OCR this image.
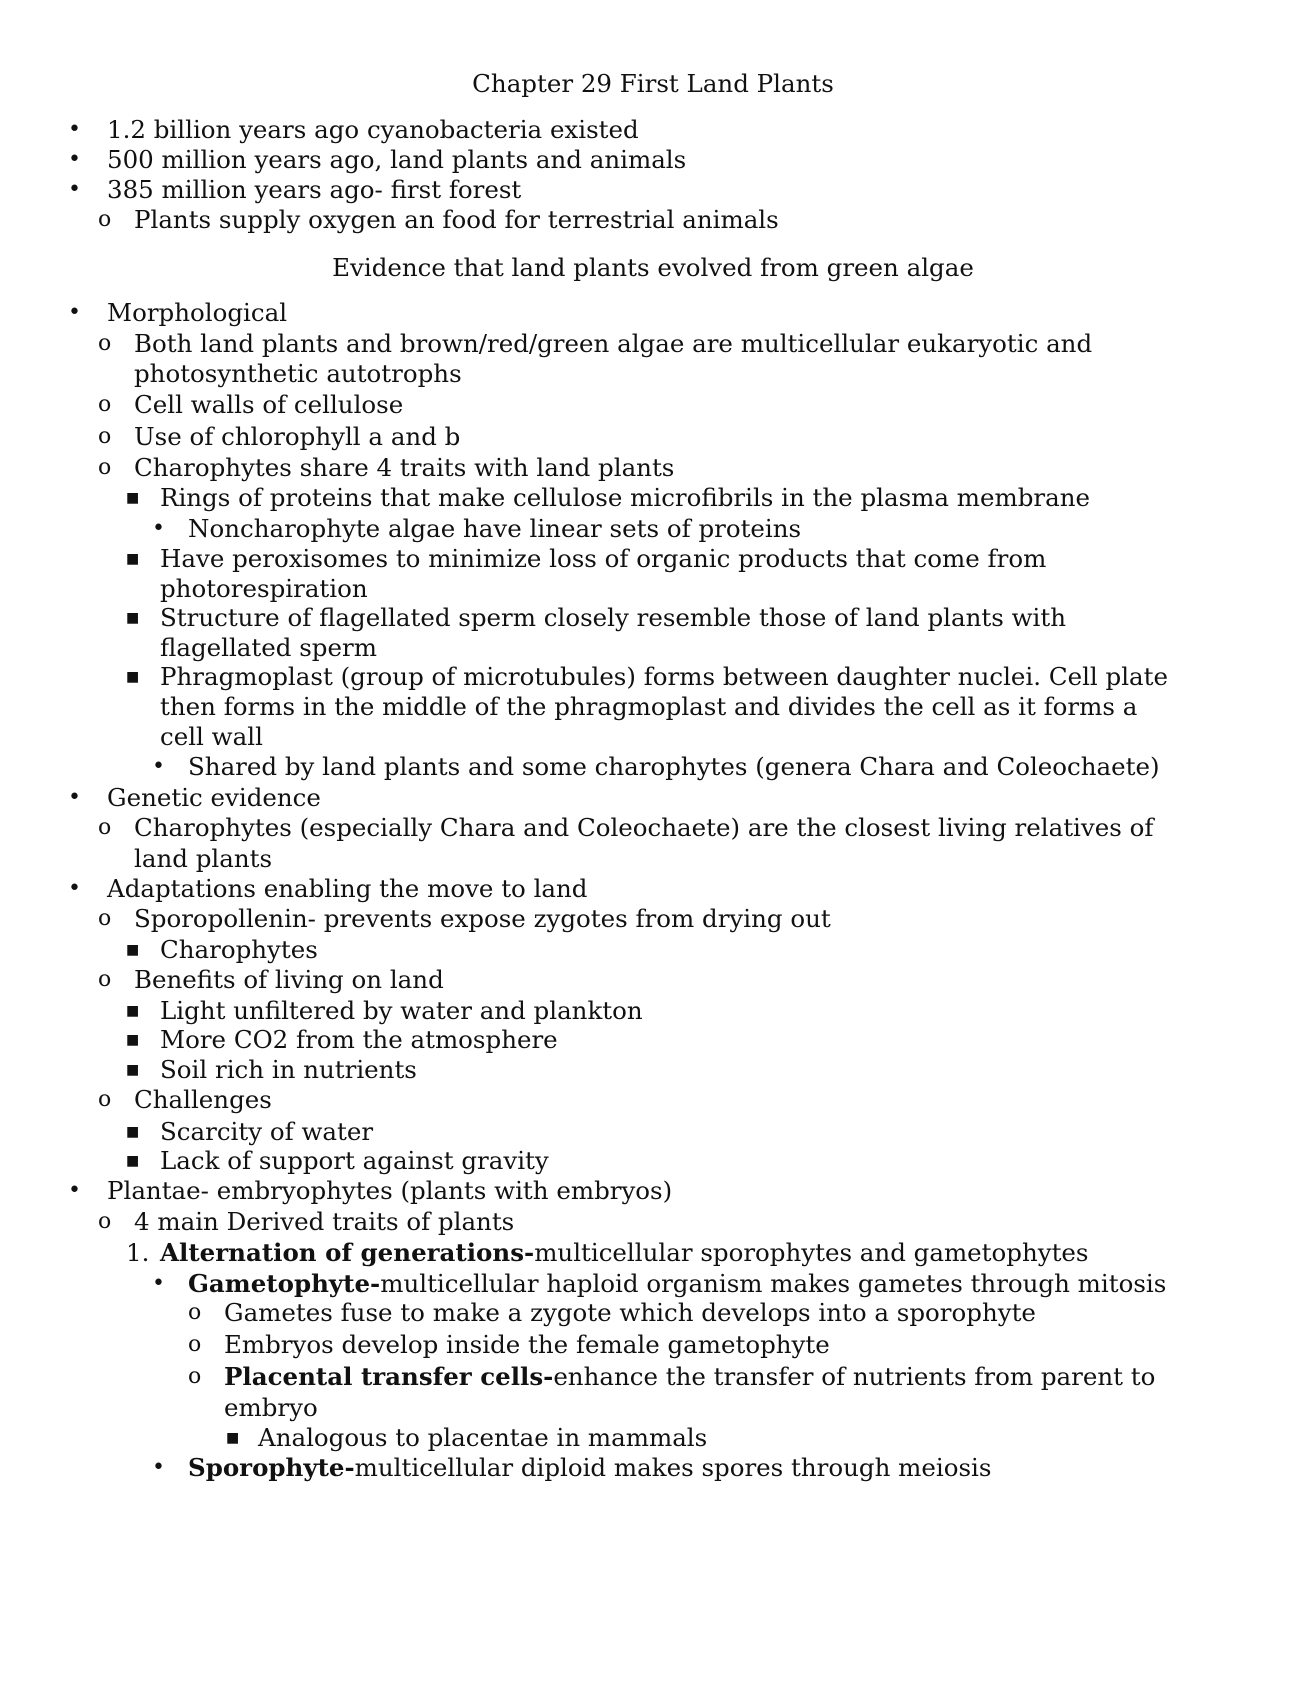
Chapter 29 First Land Plants
• 1.2 billion years ago cyanobacteria existed
• 500 million years ago, land plants and animals
• 385 million years ago- first forest
o Plants supply oxygen an food for terrestrial animals
Evidence that land plants evolved from green algae
• Morphological
o Both land plants and brown/red/green algae are multicellular eukaryotic and
photosynthetic autotrophs
o Cell walls of cellulose
o Use of chlorophyll a and b
o Charophytes share 4 traits with land plants
■ Rings of proteins that make cellulose microfibrils in the plasma membrane
• Noncharophyte algae have linear sets of proteins
■ Have peroxisomes to minimize loss of organic products that come from
photorespiration
■ Structure of flagellated sperm closely resemble those of land plants with
flagellated sperm
■ Phragmoplast (group of microtubules) forms between daughter nuclei. Cell plate
then forms in the middle of the phragmoplast and divides the cell as it forms a
cell wall
• Shared by land plants and some charophytes (genera Chara and Coleochaete)
• Genetic evidence
o Charophytes (especially Chara and Coleochaete) are the closest living relatives of
land plants
• Adaptations enabling the move to land
o Sporopollenin- prevents expose zygotes from drying out
■ Charophytes
o Benefits of living on land
■ Light unfiltered by water and plankton
■ More CO2 from the atmosphere
■ Soil rich in nutrients
o Challenges
■ Scarcity of water
■ Lack of support against gravity
• Plantae- embryophytes (plants with embryos)
o 4 main Derived traits of plants
1. Alternation of generations-multicellular sporophytes and gametophytes
• Gametophyte-multicellular haploid organism makes gametes through mitosis
o Gametes fuse to make a zygote which develops into a sporophyte
o Embryos develop inside the female gametophyte
o Placental transfer cells-enhance the transfer of nutrients from parent to
embryo
■ Analogous to placentae in mammals
• Sporophyte-multicellular diploid makes spores through meiosis
